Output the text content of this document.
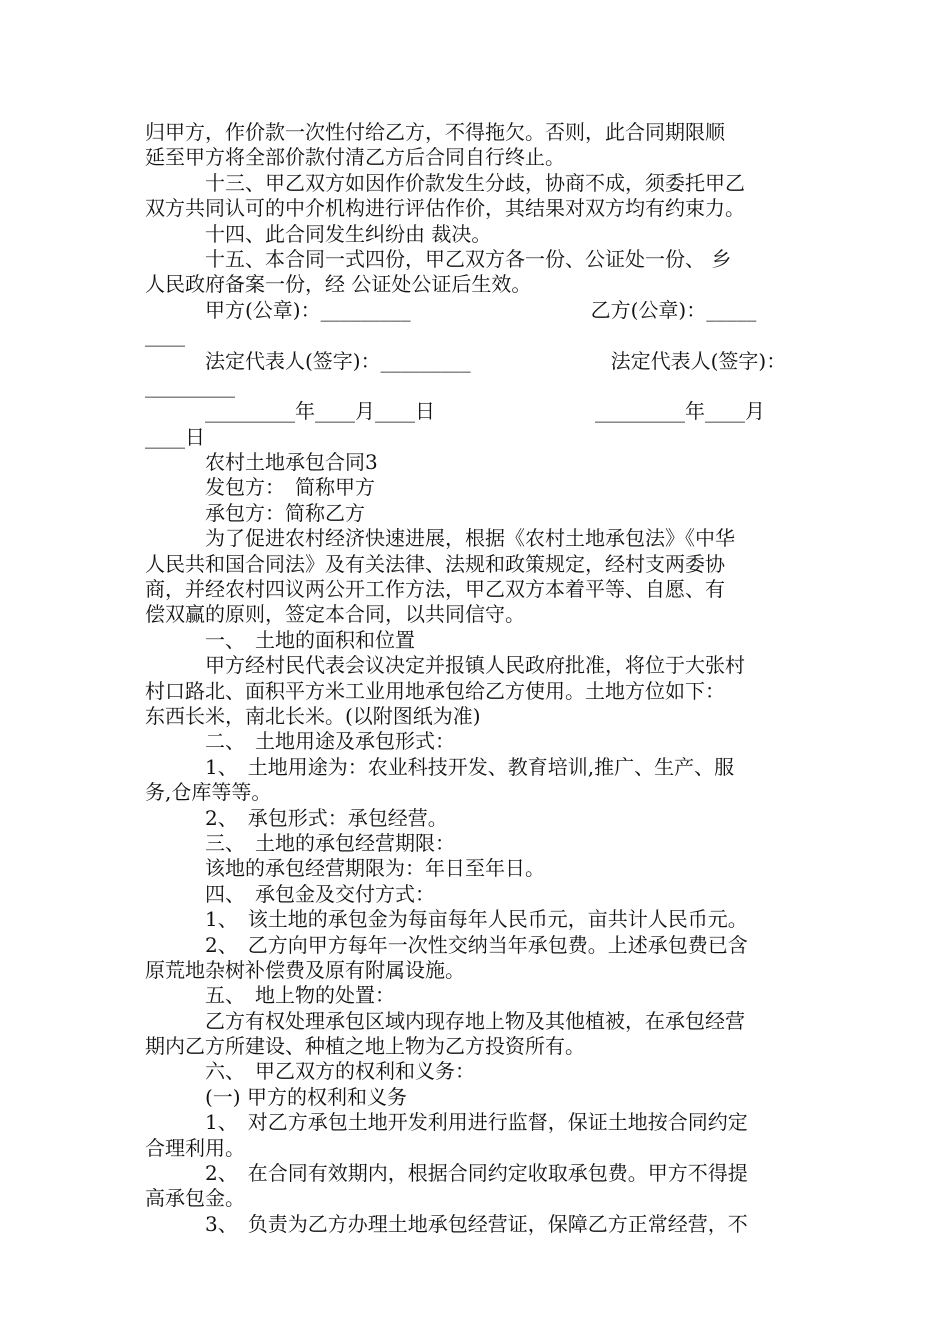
归甲方，作价款一次性付给乙方，不得拖欠。否则，此合同期限顺
延至甲方将全部价款付清乙方后合同自行终止。
　　　十三、甲乙双方如因作价款发生分歧，协商不成，须委托甲乙
双方共同认可的中介机构进行评估作价，其结果对双方均有约束力。
　　　十四、此合同发生纠纷由 裁决。
　　　十五、本合同一式四份，甲乙双方各一份、公证处一份、 乡
人民政府备案一份，经 公证处公证后生效。
　　　甲方(公章)：_________　　　　　　　　　乙方(公章)：_____
____
　　　法定代表人(签字)：_________　　　　　　　法定代表人(签字)：
_________
　　　_________年____月____日　　　　　　　　_________年____月
____日
　　　农村土地承包合同3
　　　发包方：　简称甲方
　　　承包方：简称乙方
　　　为了促进农村经济快速进展，根据《农村土地承包法》《中华
人民共和国合同法》及有关法律、法规和政策规定，经村支两委协
商，并经农村四议两公开工作方法，甲乙双方本着平等、自愿、有
偿双赢的原则，签定本合同，以共同信守。
　　　一、　土地的面积和位置
　　　甲方经村民代表会议决定并报镇人民政府批准，将位于大张村
村口路北、面积平方米工业用地承包给乙方使用。土地方位如下：
东西长米，南北长米。(以附图纸为准)
　　　二、　土地用途及承包形式：
　　　1、　土地用途为：农业科技开发、教育培训,推广、生产、服
务,仓库等等。
　　　2、　承包形式：承包经营。
　　　三、　土地的承包经营期限：
　　　该地的承包经营期限为：年日至年日。
　　　四、　承包金及交付方式：
　　　1、　该土地的承包金为每亩每年人民币元，亩共计人民币元。
　　　2、　乙方向甲方每年一次性交纳当年承包费。上述承包费已含
原荒地杂树补偿费及原有附属设施。
　　　五、　地上物的处置：
　　　乙方有权处理承包区域内现存地上物及其他植被，在承包经营
期内乙方所建设、种植之地上物为乙方投资所有。
　　　六、　甲乙双方的权利和义务：
　　　(一) 甲方的权利和义务
　　　1、　对乙方承包土地开发利用进行监督，保证土地按合同约定
合理利用。
　　　2、　在合同有效期内，根据合同约定收取承包费。甲方不得提
高承包金。
　　　3、　负责为乙方办理土地承包经营证，保障乙方正常经营，不
